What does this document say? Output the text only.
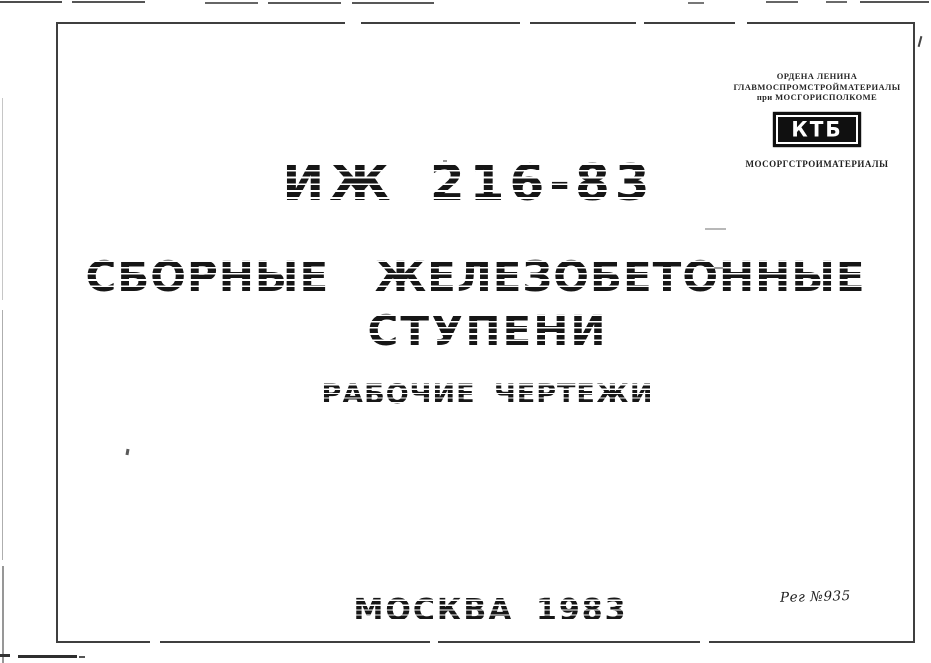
ОРДЕНА ЛЕНИНА
ГЛАВМОСПРОМСТРОЙМАТЕРИАЛЫ
при МОСГОРИСПОЛКОМЕ
КТБ
ИЖ 216-83
СБОРНЫЕ ЖЕЛЕЗОБЕТОННЫЕ
СТУПЕНИ
РАБОЧИЕ ЧЕРТЕЖИ
МОСКВА 1983	Рег №935
